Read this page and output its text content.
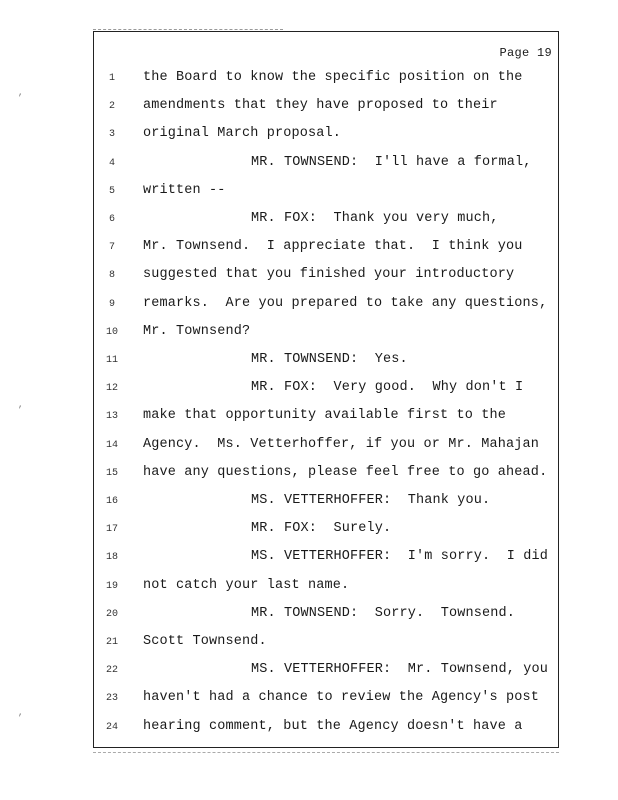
Page 19
1	the Board to know the specific position on the
2	amendments that they have proposed to their
3	original March proposal.
4	MR. TOWNSEND:  I'll have a formal,
5	written --
6	MR. FOX:  Thank you very much,
7	Mr. Townsend.  I appreciate that.  I think you
8	suggested that you finished your introductory
9	remarks.  Are you prepared to take any questions,
10 Mr. Townsend?
11	MR. TOWNSEND:  Yes.
12	MR. FOX:  Very good.  Why don't I
13 make that opportunity available first to the
14 Agency.  Ms. Vetterhoffer, if you or Mr. Mahajan
15 have any questions, please feel free to go ahead.
16	MS. VETTERHOFFER:  Thank you.
17	MR. FOX:  Surely.
18	MS. VETTERHOFFER:  I'm sorry.  I did
19 not catch your last name.
20	MR. TOWNSEND:  Sorry.  Townsend.
21 Scott Townsend.
22	MS. VETTERHOFFER:  Mr. Townsend, you
23 haven't had a chance to review the Agency's post
24 hearing comment, but the Agency doesn't have a
,
,
,
